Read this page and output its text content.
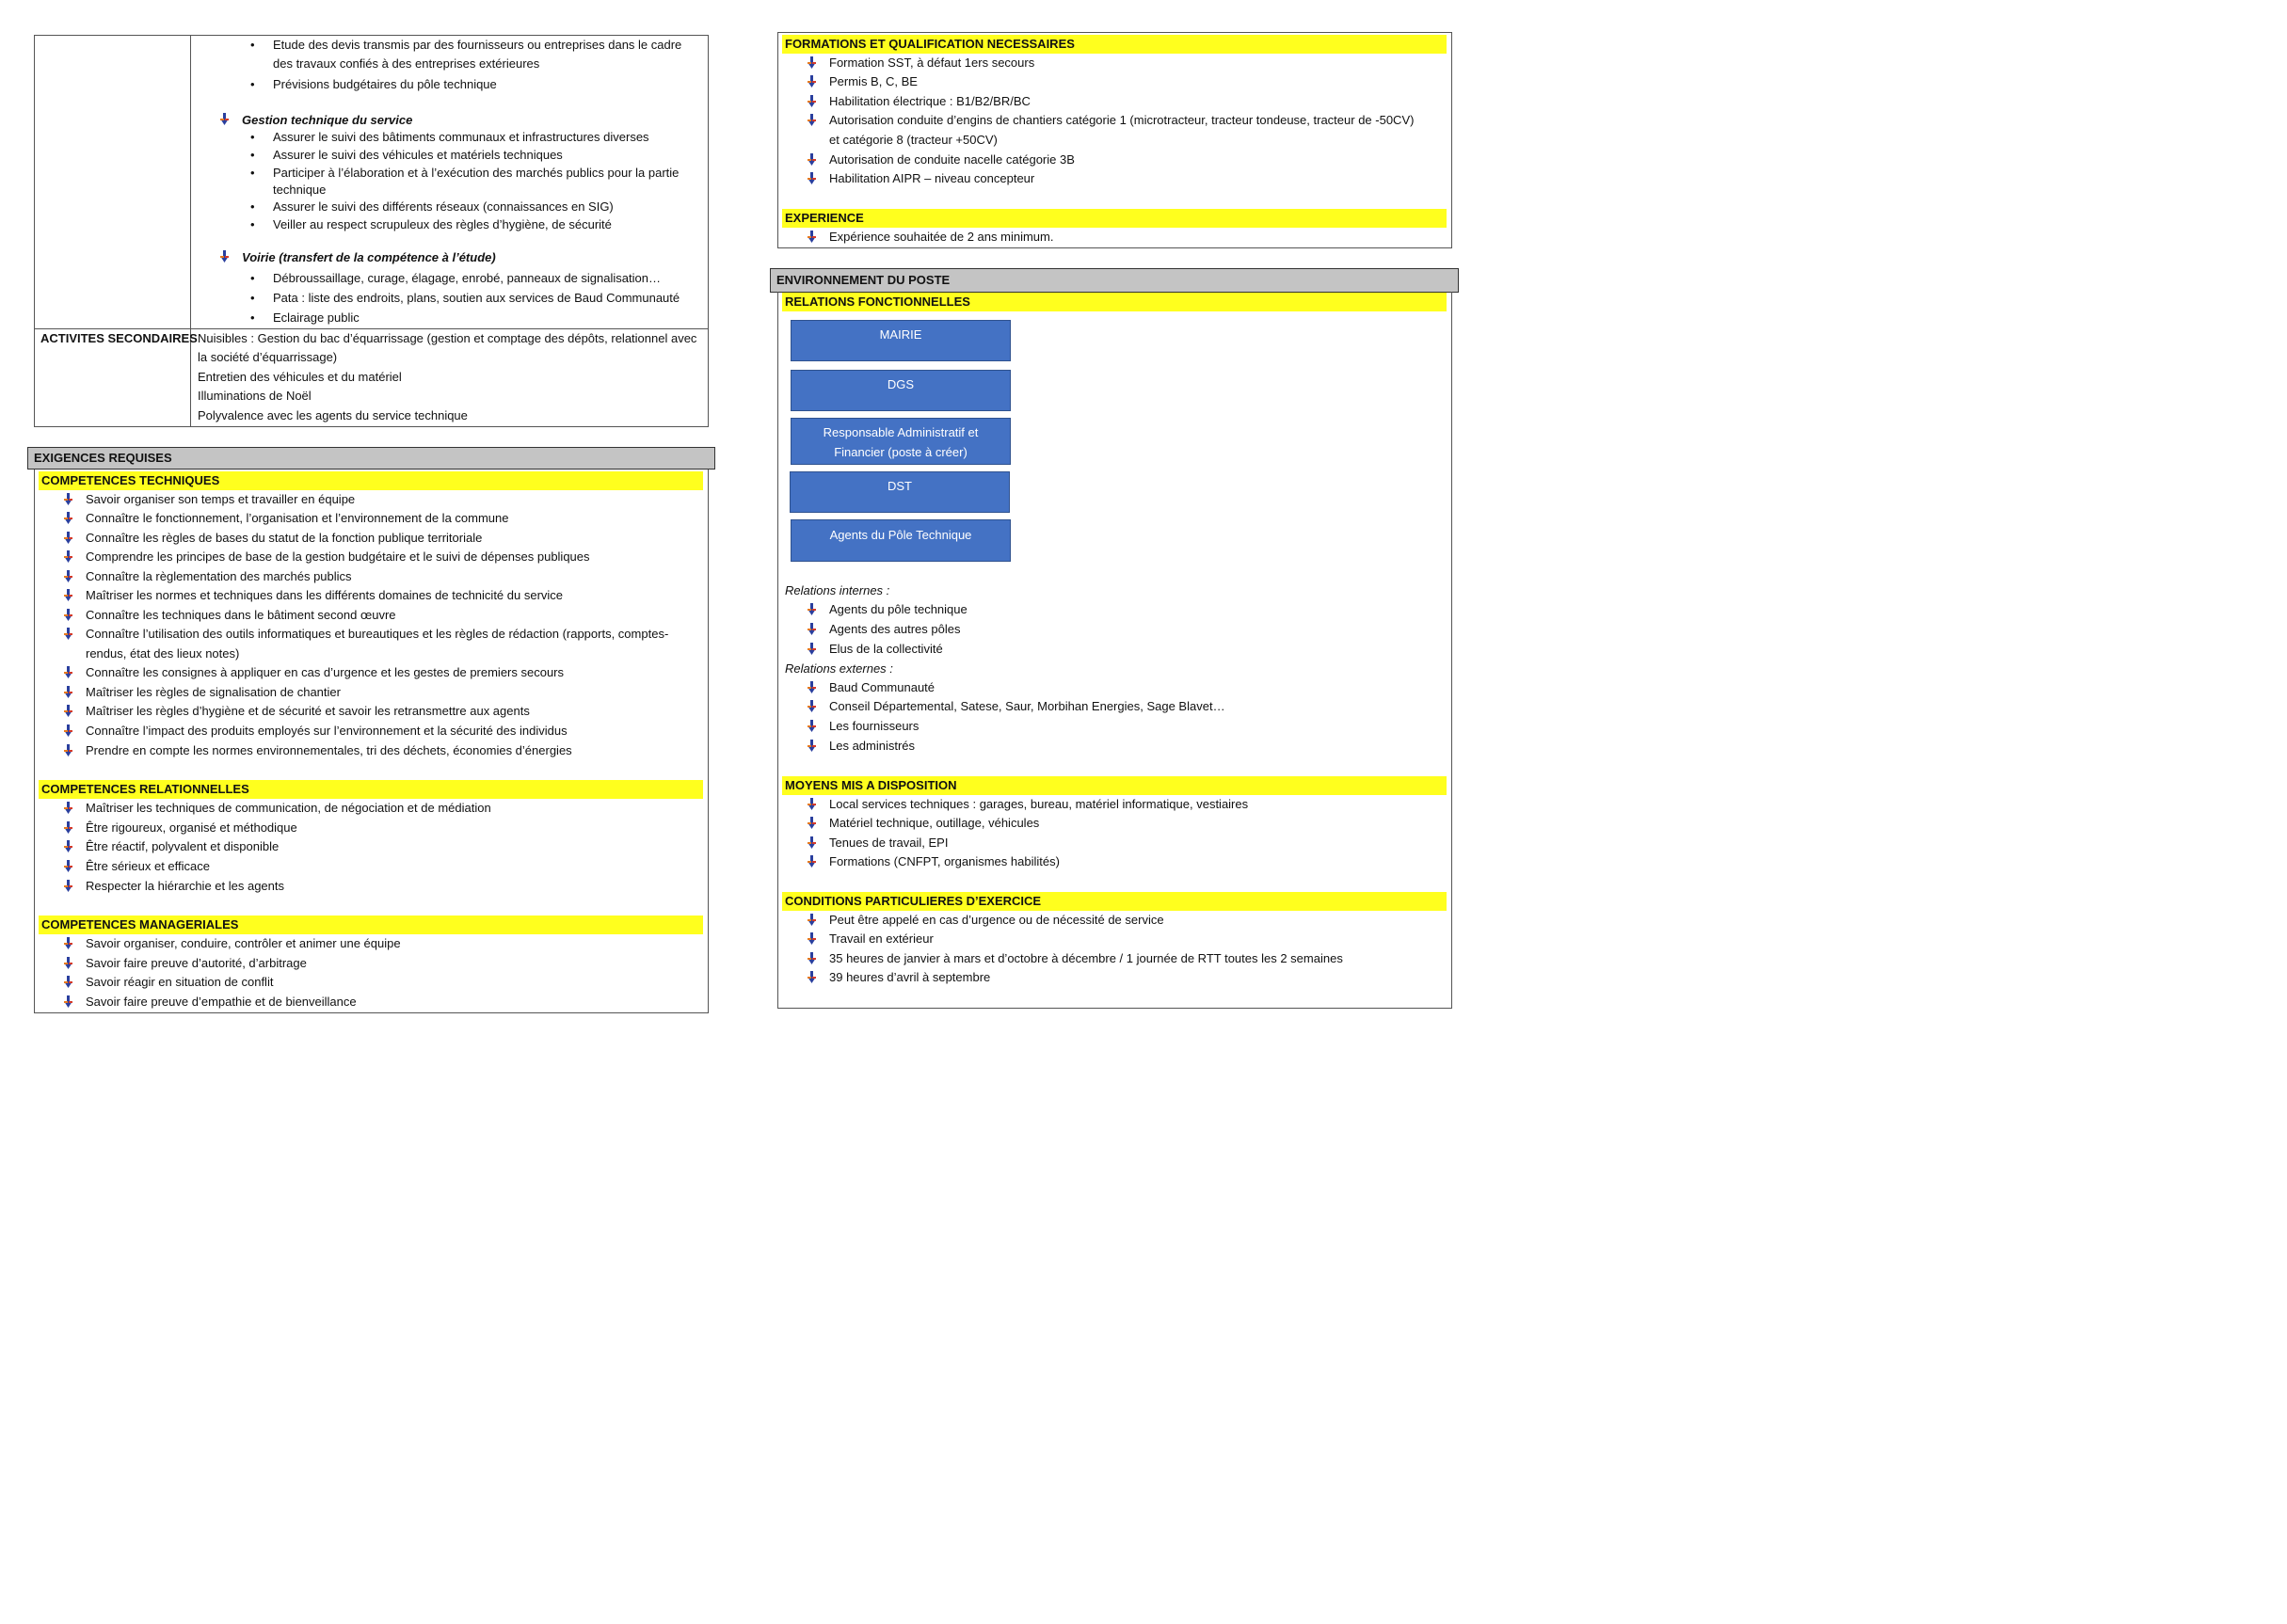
• Etude des devis transmis par des fournisseurs ou entreprises dans le cadre
des travaux confiés à des entreprises extérieures
• Prévisions budgétaires du pôle technique
Gestion technique du service
• Assurer le suivi des bâtiments communaux et infrastructures diverses
• Assurer le suivi des véhicules et matériels techniques
• Participer à l’élaboration et à l’exécution des marchés publics pour la partie
technique
• Assurer le suivi des différents réseaux (connaissances en SIG)
• Veiller au respect scrupuleux des règles d’hygiène, de sécurité
Voirie (transfert de la compétence à l’étude)
• Débroussaillage, curage, élagage, enrobé, panneaux de signalisation…
• Pata : liste des endroits, plans, soutien aux services de Baud Communauté
• Eclairage public
ACTIVITES SECONDAIRES Nuisibles : Gestion du bac d’équarrissage (gestion et comptage des dépôts, relationnel avec
la société d’équarrissage)
Entretien des véhicules et du matériel
Illuminations de Noël
Polyvalence avec les agents du service technique
EXIGENCES REQUISES
COMPETENCES TECHNIQUES
Savoir organiser son temps et travailler en équipe
Connaître le fonctionnement, l’organisation et l’environnement de la commune
Connaître les règles de bases du statut de la fonction publique territoriale
Comprendre les principes de base de la gestion budgétaire et le suivi de dépenses publiques
Connaître la règlementation des marchés publics
Maîtriser les normes et techniques dans les différents domaines de technicité du service
Connaître les techniques dans le bâtiment second œuvre
Connaître l’utilisation des outils informatiques et bureautiques et les règles de rédaction (rapports, comptes-
rendus, état des lieux notes)
Connaître les consignes à appliquer en cas d’urgence et les gestes de premiers secours
Maîtriser les règles de signalisation de chantier
Maîtriser les règles d’hygiène et de sécurité et savoir les retransmettre aux agents
Connaître l’impact des produits employés sur l’environnement et la sécurité des individus
Prendre en compte les normes environnementales, tri des déchets, économies d’énergies
COMPETENCES RELATIONNELLES
Maîtriser les techniques de communication, de négociation et de médiation
Être rigoureux, organisé et méthodique
Être réactif, polyvalent et disponible
Être sérieux et efficace
Respecter la hiérarchie et les agents
COMPETENCES MANAGERIALES
Savoir organiser, conduire, contrôler et animer une équipe
Savoir faire preuve d’autorité, d’arbitrage
Savoir réagir en situation de conflit
Savoir faire preuve d’empathie et de bienveillance
FORMATIONS ET QUALIFICATION NECESSAIRES
Formation SST, à défaut 1ers secours
Permis B, C, BE
Habilitation électrique : B1/B2/BR/BC
Autorisation conduite d’engins de chantiers catégorie 1 (microtracteur, tracteur tondeuse, tracteur de -50CV)
et catégorie 8 (tracteur +50CV)
Autorisation de conduite nacelle catégorie 3B
Habilitation AIPR – niveau concepteur
EXPERIENCE
Expérience souhaitée de 2 ans minimum.
ENVIRONNEMENT DU POSTE
RELATIONS FONCTIONNELLES
MAIRIE
DGS
Responsable Administratif et
Financier (poste à créer)
DST
Agents du Pôle Technique
Relations internes :
Agents du pôle technique
Agents des autres pôles
Elus de la collectivité
Relations externes :
Baud Communauté
Conseil Départemental, Satese, Saur, Morbihan Energies, Sage Blavet…
Les fournisseurs
Les administrés
MOYENS MIS A DISPOSITION
Local services techniques : garages, bureau, matériel informatique, vestiaires
Matériel technique, outillage, véhicules
Tenues de travail, EPI
Formations (CNFPT, organismes habilités)
CONDITIONS PARTICULIERES D’EXERCICE
Peut être appelé en cas d’urgence ou de nécessité de service
Travail en extérieur
35 heures de janvier à mars et d’octobre à décembre / 1 journée de RTT toutes les 2 semaines
39 heures d’avril à septembre
